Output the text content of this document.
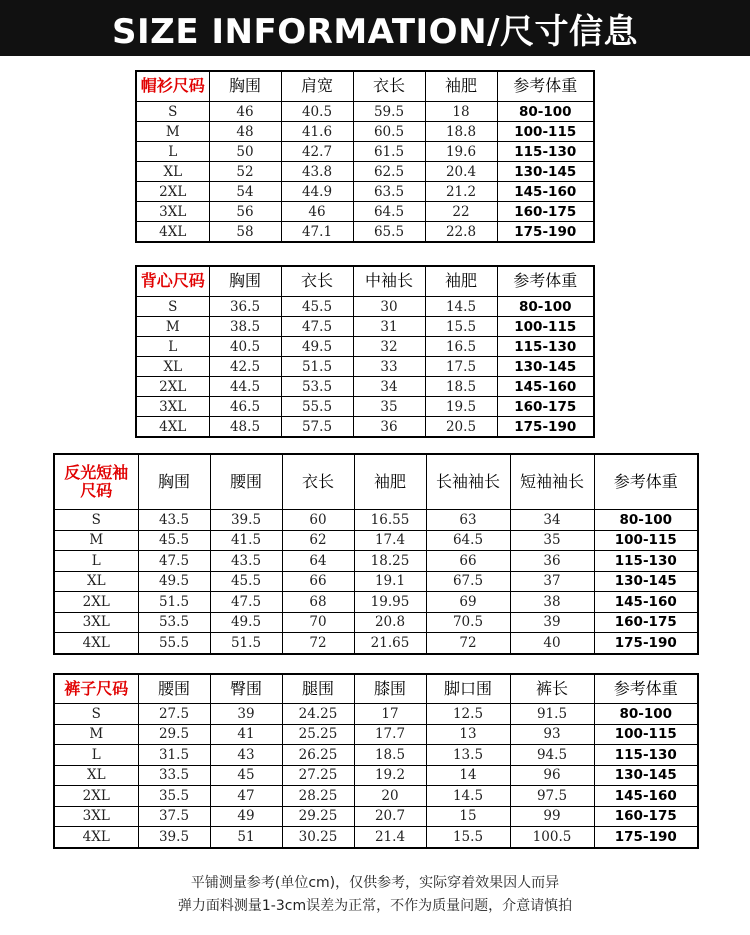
SIZE INFORMATION/尺寸信息
帽衫尺码	胸围	肩宽	衣长	袖肥	参考体重
S	46	40.5	59.5	18	80-100
M	48	41.6	60.5	18.8	100-115
L	50	42.7	61.5	19.6	115-130
XL	52	43.8	62.5	20.4	130-145
2XL	54	44.9	63.5	21.2	145-160
3XL	56	46	64.5	22	160-175
4XL	58	47.1	65.5	22.8	175-190
背心尺码	胸围	衣长	中袖长	袖肥	参考体重
S	36.5	45.5	30	14.5	80-100
M	38.5	47.5	31	15.5	100-115
L	40.5	49.5	32	16.5	115-130
XL	42.5	51.5	33	17.5	130-145
2XL	44.5	53.5	34	18.5	145-160
3XL	46.5	55.5	35	19.5	160-175
4XL	48.5	57.5	36	20.5	175-190
反光短袖
尺码	胸围	腰围	衣长	袖肥	长袖袖长	短袖袖长	参考体重
S	43.5	39.5	60	16.55	63	34	80-100
M	45.5	41.5	62	17.4	64.5	35	100-115
L	47.5	43.5	64	18.25	66	36	115-130
XL	49.5	45.5	66	19.1	67.5	37	130-145
2XL	51.5	47.5	68	19.95	69	38	145-160
3XL	53.5	49.5	70	20.8	70.5	39	160-175
4XL	55.5	51.5	72	21.65	72	40	175-190
裤子尺码	腰围	臀围	腿围	膝围	脚口围	裤长	参考体重
S	27.5	39	24.25	17	12.5	91.5	80-100
M	29.5	41	25.25	17.7	13	93	100-115
L	31.5	43	26.25	18.5	13.5	94.5	115-130
XL	33.5	45	27.25	19.2	14	96	130-145
2XL	35.5	47	28.25	20	14.5	97.5	145-160
3XL	37.5	49	29.25	20.7	15	99	160-175
4XL	39.5	51	30.25	21.4	15.5	100.5	175-190
平铺测量参考(单位cm)，仅供参考，实际穿着效果因人而异
弹力面料测量1-3cm误差为正常，不作为质量问题，介意请慎拍
